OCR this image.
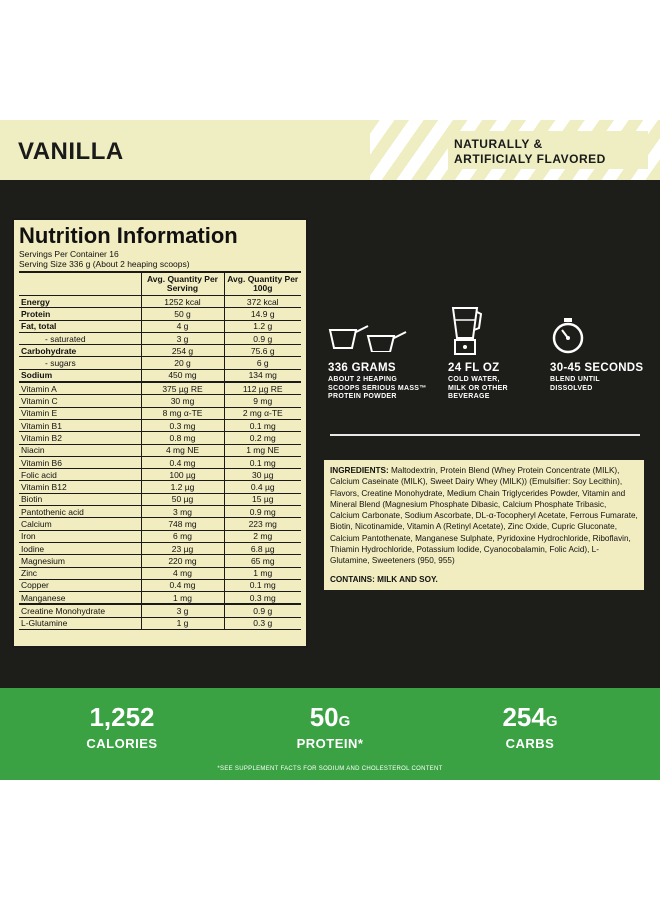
VANILLA	NATURALLY &
ARTIFICIALY FLAVORED
Nutrition Information
Servings Per Container 16
Serving Size 336 g (About 2 heaping scoops)
	Avg. Quantity Per Serving	Avg. Quantity Per 100g
Energy	1252 kcal	372 kcal
Protein	50 g	14.9 g
Fat, total	4 g	1.2 g
- saturated	3 g	0.9 g
Carbohydrate	254 g	75.6 g
- sugars	20 g	6 g
Sodium	450 mg	134 mg
Vitamin A	375 µg RE	112 µg RE
Vitamin C	30 mg	9 mg
Vitamin E	8 mg α-TE	2 mg α-TE
Vitamin B1	0.3 mg	0.1 mg
Vitamin B2	0.8 mg	0.2 mg
Niacin	4 mg NE	1 mg NE
Vitamin B6	0.4 mg	0.1 mg
Folic acid	100 µg	30 µg
Vitamin B12	1.2 µg	0.4 µg
Biotin	50 µg	15 µg
Pantothenic acid	3 mg	0.9 mg
Calcium	748 mg	223 mg
Iron	6 mg	2 mg
Iodine	23 µg	6.8 µg
Magnesium	220 mg	65 mg
Zinc	4 mg	1 mg
Copper	0.4 mg	0.1 mg
Manganese	1 mg	0.3 mg
Creatine Monohydrate	3 g	0.9 g
L-Glutamine	1 g	0.3 g
336 GRAMS
ABOUT 2 HEAPING SCOOPS SERIOUS MASS™ PROTEIN POWDER
24 FL OZ
COLD WATER, MILK OR OTHER BEVERAGE
30-45 SECONDS
BLEND UNTIL DISSOLVED
INGREDIENTS: Maltodextrin, Protein Blend (Whey Protein Concentrate (MILK), Calcium Caseinate (MILK), Sweet Dairy Whey (MILK)) (Emulsifier: Soy Lecithin), Flavors, Creatine Monohydrate, Medium Chain Triglycerides Powder, Vitamin and Mineral Blend (Magnesium Phosphate Dibasic, Calcium Phosphate Tribasic, Calcium Carbonate, Sodium Ascorbate, DL-α-Tocopheryl Acetate, Ferrous Fumarate, Biotin, Nicotinamide, Vitamin A (Retinyl Acetate), Zinc Oxide, Cupric Gluconate, Calcium Pantothenate, Manganese Sulphate, Pyridoxine Hydrochloride, Riboflavin, Thiamin Hydrochloride, Potassium Iodide, Cyanocobalamin, Folic Acid), L-Glutamine, Sweeteners (950, 955)
CONTAINS: MILK AND SOY.
1,252
CALORIES
50G
PROTEIN*
254G
CARBS
*SEE SUPPLEMENT FACTS FOR SODIUM AND CHOLESTEROL CONTENT
